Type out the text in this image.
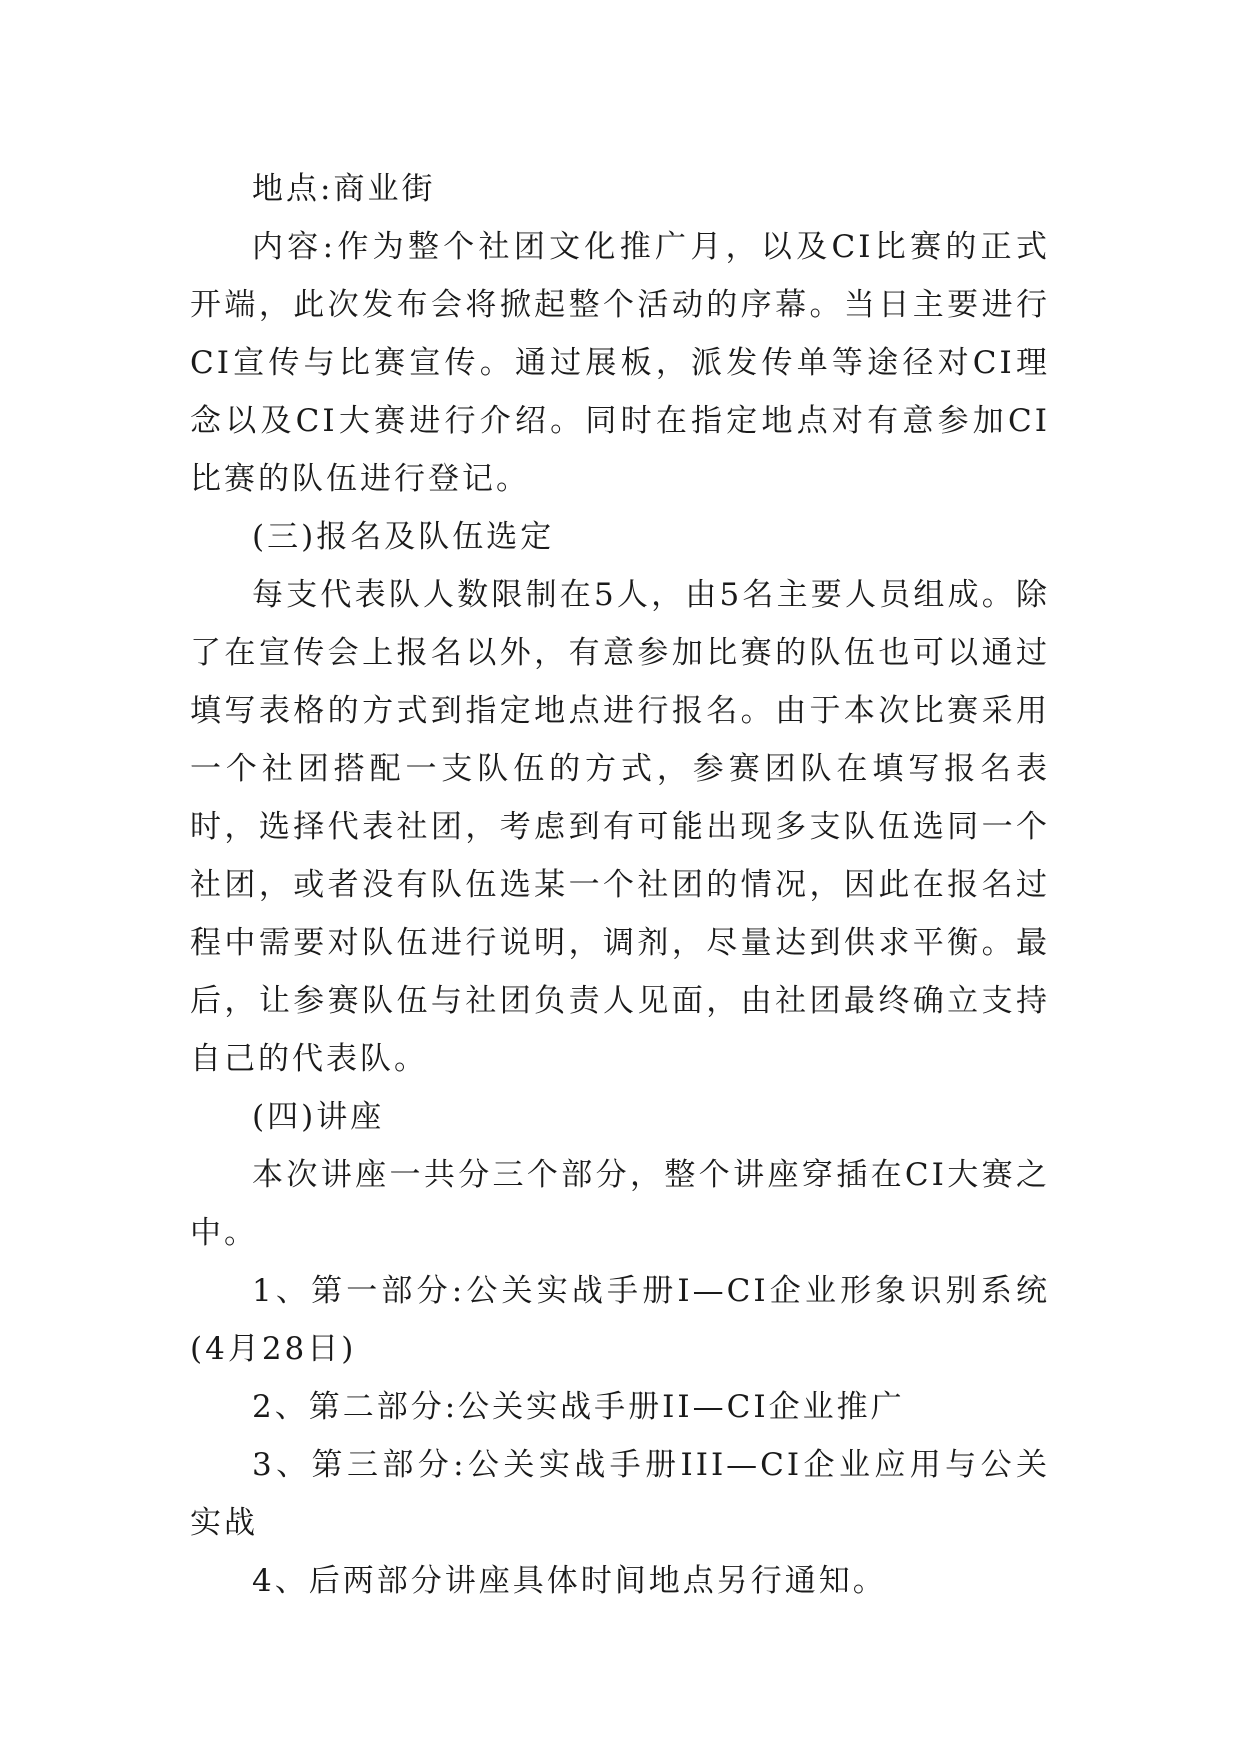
地点:商业街

内容:作为整个社团文化推广月，以及CI比赛的正式开端，此次发布会将掀起整个活动的序幕。当日主要进行CI宣传与比赛宣传。通过展板，派发传单等途径对CI理念以及CI大赛进行介绍。同时在指定地点对有意参加CI比赛的队伍进行登记。

(三)报名及队伍选定

每支代表队人数限制在5人，由5名主要人员组成。除了在宣传会上报名以外，有意参加比赛的队伍也可以通过填写表格的方式到指定地点进行报名。由于本次比赛采用一个社团搭配一支队伍的方式，参赛团队在填写报名表时，选择代表社团，考虑到有可能出现多支队伍选同一个社团，或者没有队伍选某一个社团的情况，因此在报名过程中需要对队伍进行说明，调剂，尽量达到供求平衡。最后，让参赛队伍与社团负责人见面，由社团最终确立支持自己的代表队。

(四)讲座

本次讲座一共分三个部分，整个讲座穿插在CI大赛之中。

1、第一部分:公关实战手册I—CI企业形象识别系统(4月28日)

2、第二部分:公关实战手册II—CI企业推广

3、第三部分:公关实战手册III—CI企业应用与公关实战

4、后两部分讲座具体时间地点另行通知。
